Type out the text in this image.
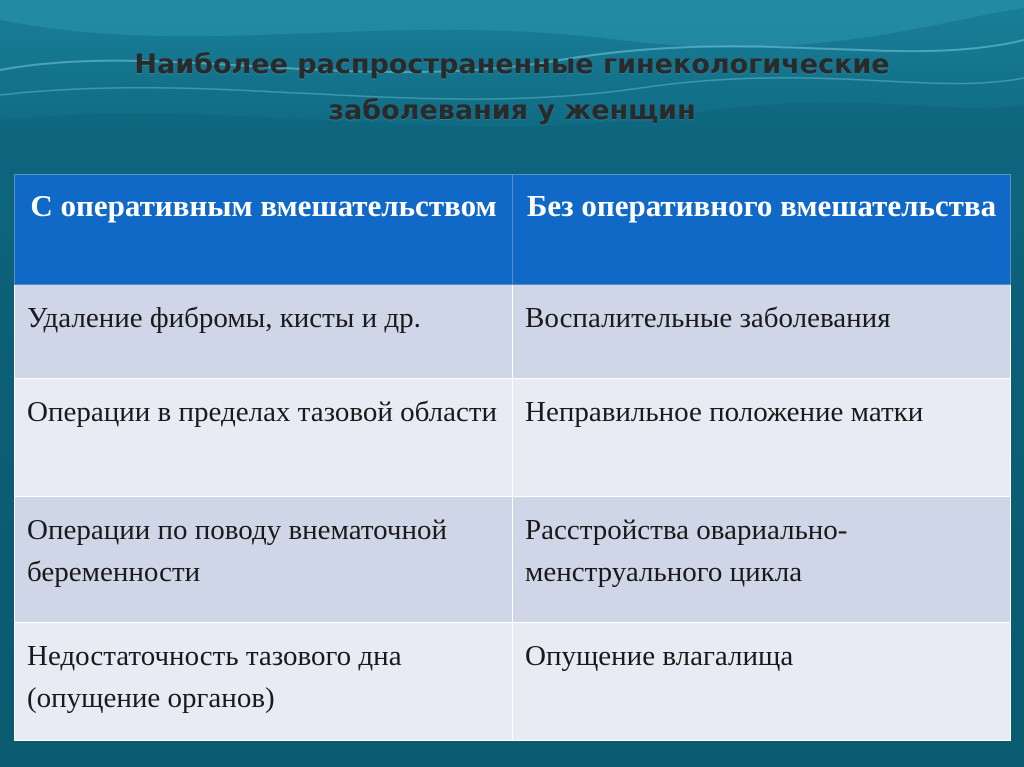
Наиболее распространенные гинекологические
заболевания у женщин
С оперативным вмешательством	Без оперативного вмешательства
Удаление фибромы, кисты и др.	Воспалительные заболевания
Операции в пределах тазовой области	Неправильное положение матки
Операции по поводу внематочной беременности	Расстройства овариально-менструального цикла
Недостаточность тазового дна (опущение органов)	Опущение влагалища
